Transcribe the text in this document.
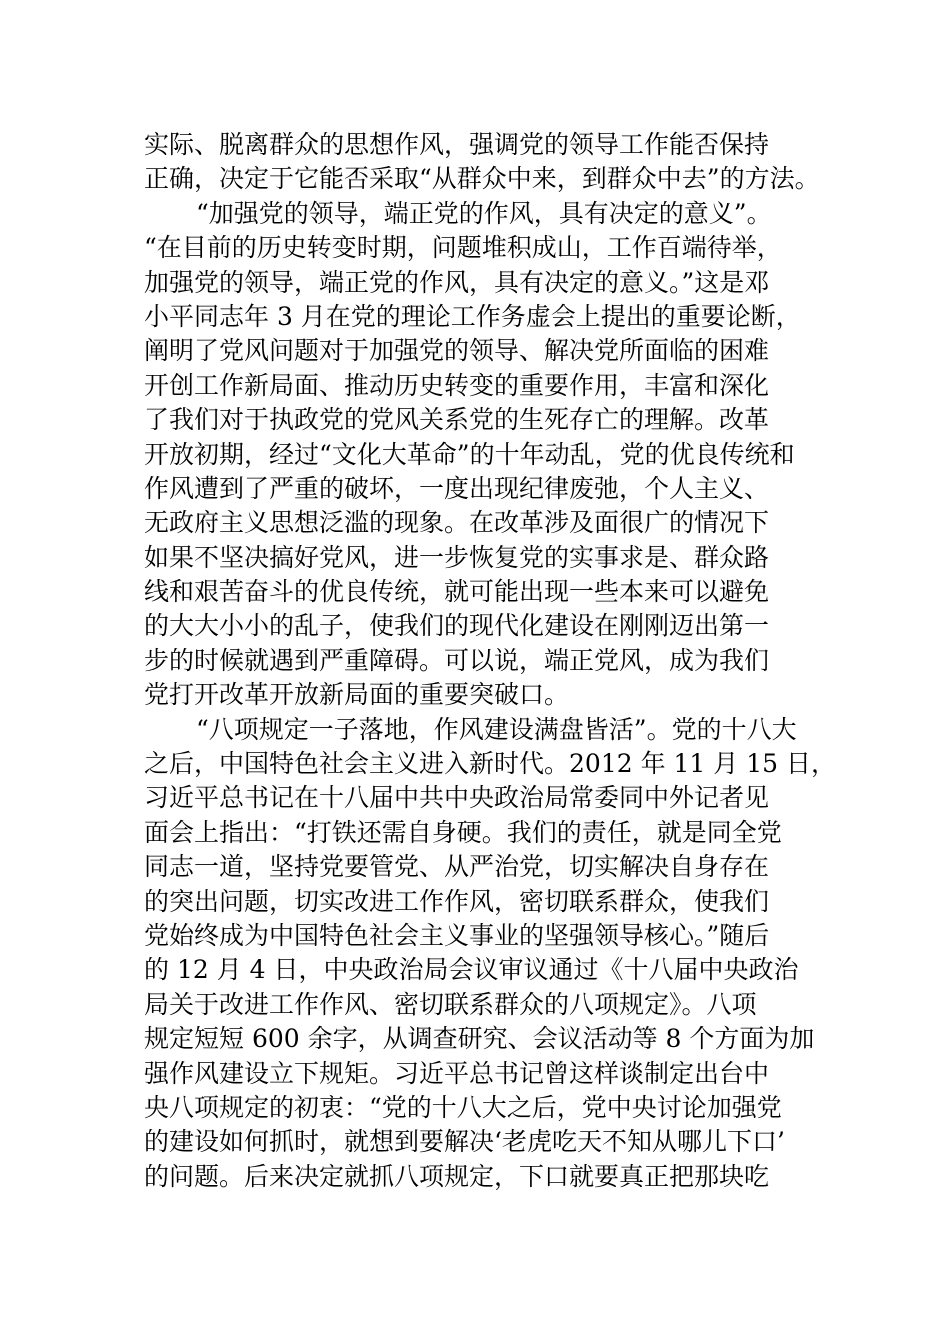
实际、脱离群众的思想作风，强调党的领导工作能否保持
正确，决定于它能否采取“从群众中来，到群众中去”的方法。
“加强党的领导，端正党的作风，具有决定的意义”。
“在目前的历史转变时期，问题堆积成山，工作百端待举，
加强党的领导，端正党的作风，具有决定的意义。”这是邓
小平同志年 3 月在党的理论工作务虚会上提出的重要论断，
阐明了党风问题对于加强党的领导、解决党所面临的困难
开创工作新局面、推动历史转变的重要作用，丰富和深化
了我们对于执政党的党风关系党的生死存亡的理解。改革
开放初期，经过“文化大革命”的十年动乱，党的优良传统和
作风遭到了严重的破坏，一度出现纪律废弛，个人主义、
无政府主义思想泛滥的现象。在改革涉及面很广的情况下
如果不坚决搞好党风，进一步恢复党的实事求是、群众路
线和艰苦奋斗的优良传统，就可能出现一些本来可以避免
的大大小小的乱子，使我们的现代化建设在刚刚迈出第一
步的时候就遇到严重障碍。可以说，端正党风，成为我们
党打开改革开放新局面的重要突破口。
“八项规定一子落地，作风建设满盘皆活”。党的十八大
之后，中国特色社会主义进入新时代。2012 年 11 月 15 日，
习近平总书记在十八届中共中央政治局常委同中外记者见
面会上指出：“打铁还需自身硬。我们的责任，就是同全党
同志一道，坚持党要管党、从严治党，切实解决自身存在
的突出问题，切实改进工作作风，密切联系群众，使我们
党始终成为中国特色社会主义事业的坚强领导核心。”随后
的 12 月 4 日，中央政治局会议审议通过《十八届中央政治
局关于改进工作作风、密切联系群众的八项规定》。八项
规定短短 600 余字，从调查研究、会议活动等 8 个方面为加
强作风建设立下规矩。习近平总书记曾这样谈制定出台中
央八项规定的初衷：“党的十八大之后，党中央讨论加强党
的建设如何抓时，就想到要解决‘老虎吃天不知从哪儿下口’
的问题。后来决定就抓八项规定，下口就要真正把那块吃
